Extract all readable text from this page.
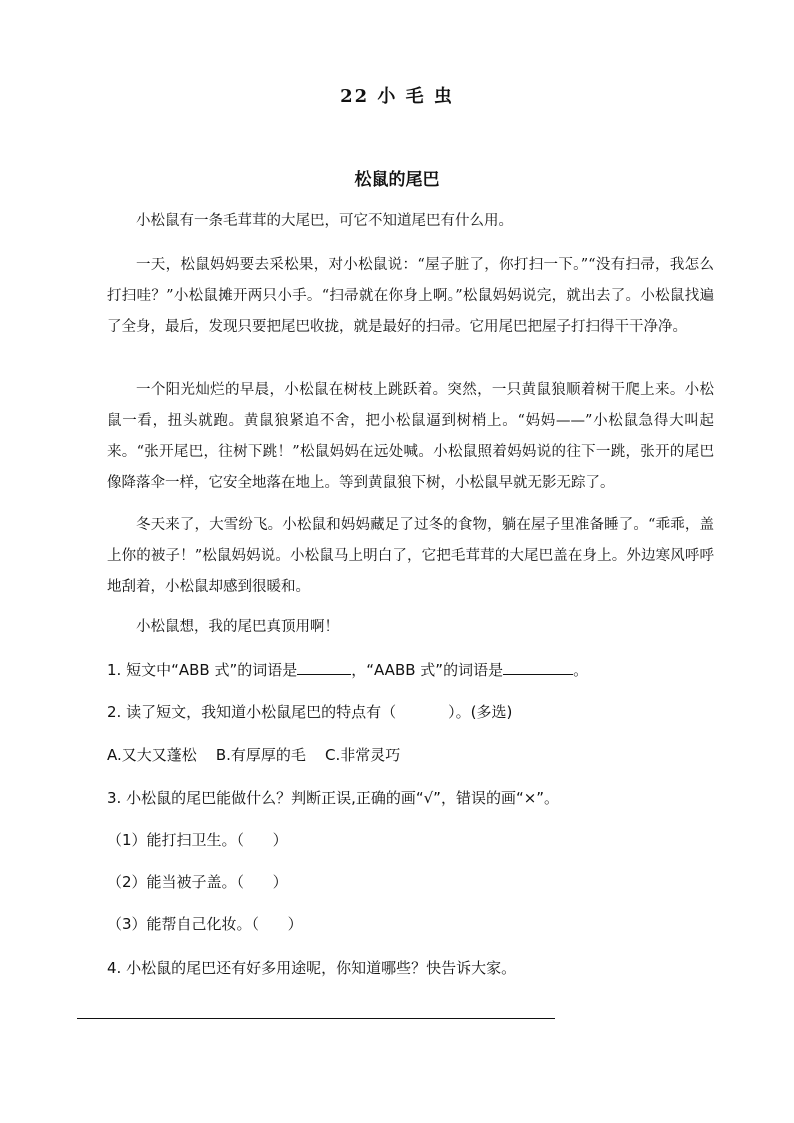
22 小 毛 虫
松鼠的尾巴

小松鼠有一条毛茸茸的大尾巴，可它不知道尾巴有什么用。

一天，松鼠妈妈要去采松果，对小松鼠说：“屋子脏了，你打扫一下。”“没有扫帚，我怎么打扫哇？”小松鼠摊开两只小手。“扫帚就在你身上啊。”松鼠妈妈说完，就出去了。小松鼠找遍了全身，最后，发现只要把尾巴收拢，就是最好的扫帚。它用尾巴把屋子打扫得干干净净。

一个阳光灿烂的早晨，小松鼠在树枝上跳跃着。突然，一只黄鼠狼顺着树干爬上来。小松鼠一看，扭头就跑。黄鼠狼紧追不舍，把小松鼠逼到树梢上。“妈妈——”小松鼠急得大叫起来。“张开尾巴，往树下跳！”松鼠妈妈在远处喊。小松鼠照着妈妈说的往下一跳，张开的尾巴像降落伞一样，它安全地落在地上。等到黄鼠狼下树，小松鼠早就无影无踪了。

冬天来了，大雪纷飞。小松鼠和妈妈藏足了过冬的食物，躺在屋子里准备睡了。“乖乖，盖上你的被子！”松鼠妈妈说。小松鼠马上明白了，它把毛茸茸的大尾巴盖在身上。外边寒风呼呼地刮着，小松鼠却感到很暖和。

小松鼠想，我的尾巴真顶用啊！

1. 短文中“ABB 式”的词语是	，“AABB 式”的词语是	。
2. 读了短文，我知道小松鼠尾巴的特点有（	）。(多选)
A.又大又蓬松    B.有厚厚的毛    C.非常灵巧
3. 小松鼠的尾巴能做什么？判断正误,正确的画“√”，错误的画“×”。
（1）能打扫卫生。（      ）
（2）能当被子盖。（      ）
（3）能帮自己化妆。（      ）
4. 小松鼠的尾巴还有好多用途呢，你知道哪些？快告诉大家。
